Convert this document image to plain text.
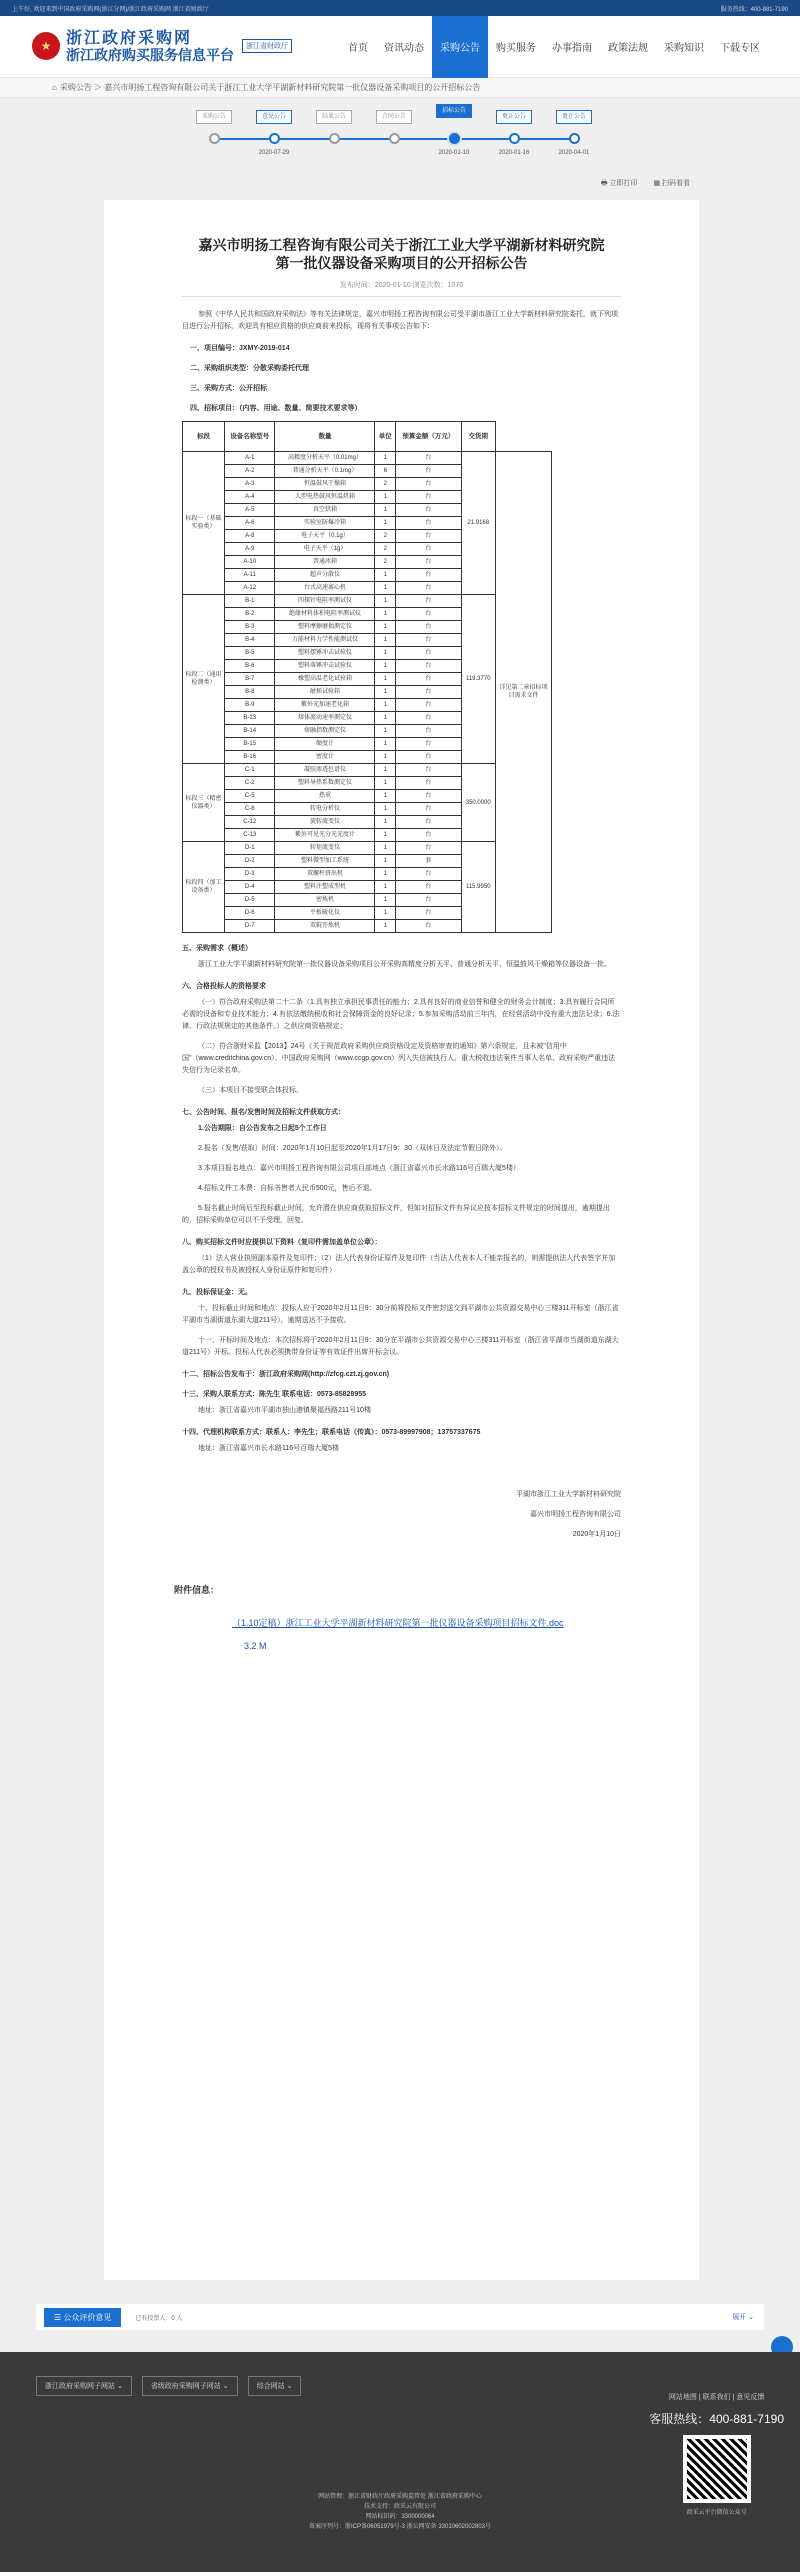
上午好, 欢迎来到中国政府采购网(浙江分网)/浙江政府采购网 浙江省财政厅	服务热线：400-881-7190
★ 浙江政府采购网
浙江政府购买服务信息平台	浙江省财政厅	首页	资讯动态	采购公告	购买服务	办事指南	政策法规	采购知识	下载专区
⌂ 采购公告 ＞ 嘉兴市明扬工程咨询有限公司关于浙江工业大学平湖新材料研究院第一批仪器设备采购项目的公开招标公告
采购公告	意见公告
2020-07-29
结果公告	合同公告
招标公告
2020-01-10
更正公告
2020-01-16
更正公告
2020-04-01
🖶 立即打印 ▦ 扫码看看
嘉兴市明扬工程咨询有限公司关于浙江工业大学平湖新材料研究院
第一批仪器设备采购项目的公开招标公告
发布时间：2020-01-10 浏览次数：1076
参照《中华人民共和国政府采购法》等有关法律规定，嘉兴市明扬工程咨询有限公司受平湖市浙江工业大学新材料研究院委托，就下列项目进行公开招标，欢迎具有相应资格的供应商前来投标，现将有关事项公告如下：
一、项目编号：JXMY-2019-014
二、采购组织类型：分散采购委托代理
三、采购方式：公开招标
四、招标项目：（内容、用途、数量、简要技术要求等）
标段	设备名称型号	数量	单位	预算金额（万元）	交货期	
标段一（基础实验类）	A-1	高精度分析天平（0.01mg）	1	台	21.9168	详见第二章招标项目需求文件
	A-2	普通分析天平（0.1mg）	6	台		
	A-3	恒温鼓风干燥箱	2	台		
	A-4	大型电热鼓风恒温烘箱	1	台		
	A-5	真空烘箱	1	台		
	A-6	实验室防爆冷箱	1	台		
	A-8	电子天平（0.1g）	2	台		
	A-9	电子天平（1g）	2	台		
	A-10	普通冰箱	2	台		
	A-11	超声分散仪	1	台		
	A-12	台式高速离心机	1	台		
标段二（通用检测类）	B-1	四探针电阻率测试仪	1	台	119.3770	
	B-2	绝缘材料体积电阻率测试仪	1	台		
	B-3	塑料摩擦磨损测定仪	1	台		
	B-4	万能材料力学性能测试仪	1	台		
	B-5	塑料摆锤冲击试验仪	1	台		
	B-6	塑料落锤冲击试验仪	1	台		
	B-7	橡塑高温老化试验箱	1	台		
	B-8	耐候试验箱	1	台		
	B-9	紫外光加速老化箱	1	台		
	B-13	熔体流动速率测定仪	1	台		
	B-14	熔融指数测定仪	1	台		
	B-15	硬度计	1	台		
	B-16	密度计	1	台		
标段三（精密仪器类）	C-1	凝胶渗透色谱仪	1	台	350.0000	
	C-2	塑料导热系数测定仪	1	台		
	C-5	热重	1	台		
	C-8	转电分析仪	1	台		
	C-12	旋转流变仪	1	台		
	C-13	紫外可见光分光光度计	1	台		
标段四（加工设备类）	D-1	转矩流变仪	1	台	115.9950	
	D-2	塑料微型加工系统	1	套		
	D-3	双螺杆挤出机	1	台		
	D-4	塑料注塑成型机	1	台		
	D-5	密炼机	1	台		
	D-6	平板硫化仪	1	台		
	D-7	双辊开炼机	1	台		
五、采购需求（概述）
浙江工业大学平湖新材料研究院第一批仪器设备采购项目公开采购高精度分析天平、普通分析天平、恒温鼓风干燥箱等仪器设备一批。
六、合格投标人的资格要求
（一）符合政府采购法第二十二条（1.具有独立承担民事责任的能力；2.具有良好的商业信誉和健全的财务会计制度；3.具有履行合同所必需的设备和专业技术能力；4.有依法缴纳税收和社会保障资金的良好记录；5.参加采购活动前三年内，在经营活动中没有重大违法记录；6.法律、行政法规规定的其他条件。）之供应商资格规定；
（二）符合浙财采监【2013】24号《关于规范政府采购供应商资格设定及资格审查的通知》第六条规定，且未被"信用中国"（www.creditchina.gov.cn）、中国政府采购网（www.ccgp.gov.cn）列入失信被执行人、重大税收违法案件当事人名单、政府采购严重违法失信行为记录名单。
（三）本项目不接受联合体投标。
七、公告时间、报名/发售时间及招标文件获取方式：
1.公告期限：自公告发布之日起5个工作日
2.报名（发售/获取）时间：2020年1月10日起至2020年1月17日9：30（双休日及法定节假日除外）。
3.本项目报名地点：嘉兴市明扬工程咨询有限公司项目部地点（浙江省嘉兴市长水路116号百瑞大厦5楼）
4.招标文件工本费：自标书售者人民币500元，售后不退。
5.报名截止时间后至投标截止时间，允许潜在供应商获取招标文件，但如对招标文件有异议应按本招标文件规定的时间提出，逾期提出的，招标采购单位可以不予受理，回复。
八、购买招标文件时应提供以下资料（复印件需加盖单位公章）：
（1）法人营业执照副本原件及复印件；（2）法人代表身份证原件及复印件（当法人代表本人不能亲报名的，则需提供法人代表签字并加盖公章的授权书及被授权人身份证原件和复印件）
九、投标保证金：无。
十、投标截止时间和地点：投标人应于2020年2月11日9：30分前将投标文件密封送交到平湖市公共资源交易中心三楼311开标室（浙江省平湖市当湖街道东湖大道211号），逾期送达不予接收。
十一、开标时间及地点：本次招标将于2020年2月11日9：30分在平湖市公共资源交易中心三楼311开标室（浙江省平湖市当湖街道东湖大道211号）开标。投标人代表必须携带身份证等有效证件出席开标会议。
十二、招标公告发布于：浙江政府采购网(http://zfcg.czt.zj.gov.cn)
十三、采购人联系方式：陈先生 联系电话：0573-85828955
地址：浙江省嘉兴市平湖市独山港镇聚福西路211号10楼
十四、代理机构联系方式：联系人：李先生；联系电话（传真）：0573-89997908；13757337675
地址：浙江省嘉兴市长水路116号百瑞大厦5楼
平湖市浙江工业大学新材料研究院
嘉兴市明扬工程咨询有限公司
2020年1月10日
附件信息：
（1.10定稿）浙江工业大学平湖新材料研究院第一批仪器设备采购项目招标文件.doc
3.2 M
☰ 公众评价意见	已有投票人：0 人	展开 ⌄
浙江政府采购网子网站 ⌄	省级政府采购网子网站 ⌄	综合网站 ⌄
网站地图 | 联系我们 | 意见反馈
客服热线：400-881-7190
政采云平台微信公众号
网站管理：浙江省财政厅政府采购监管处 浙江省政府采购中心
技术支持：政采云有限公司
网站标识码：3300000064
备案序列号：浙ICP备06051979号-3 浙公网安备 33010602002803号
